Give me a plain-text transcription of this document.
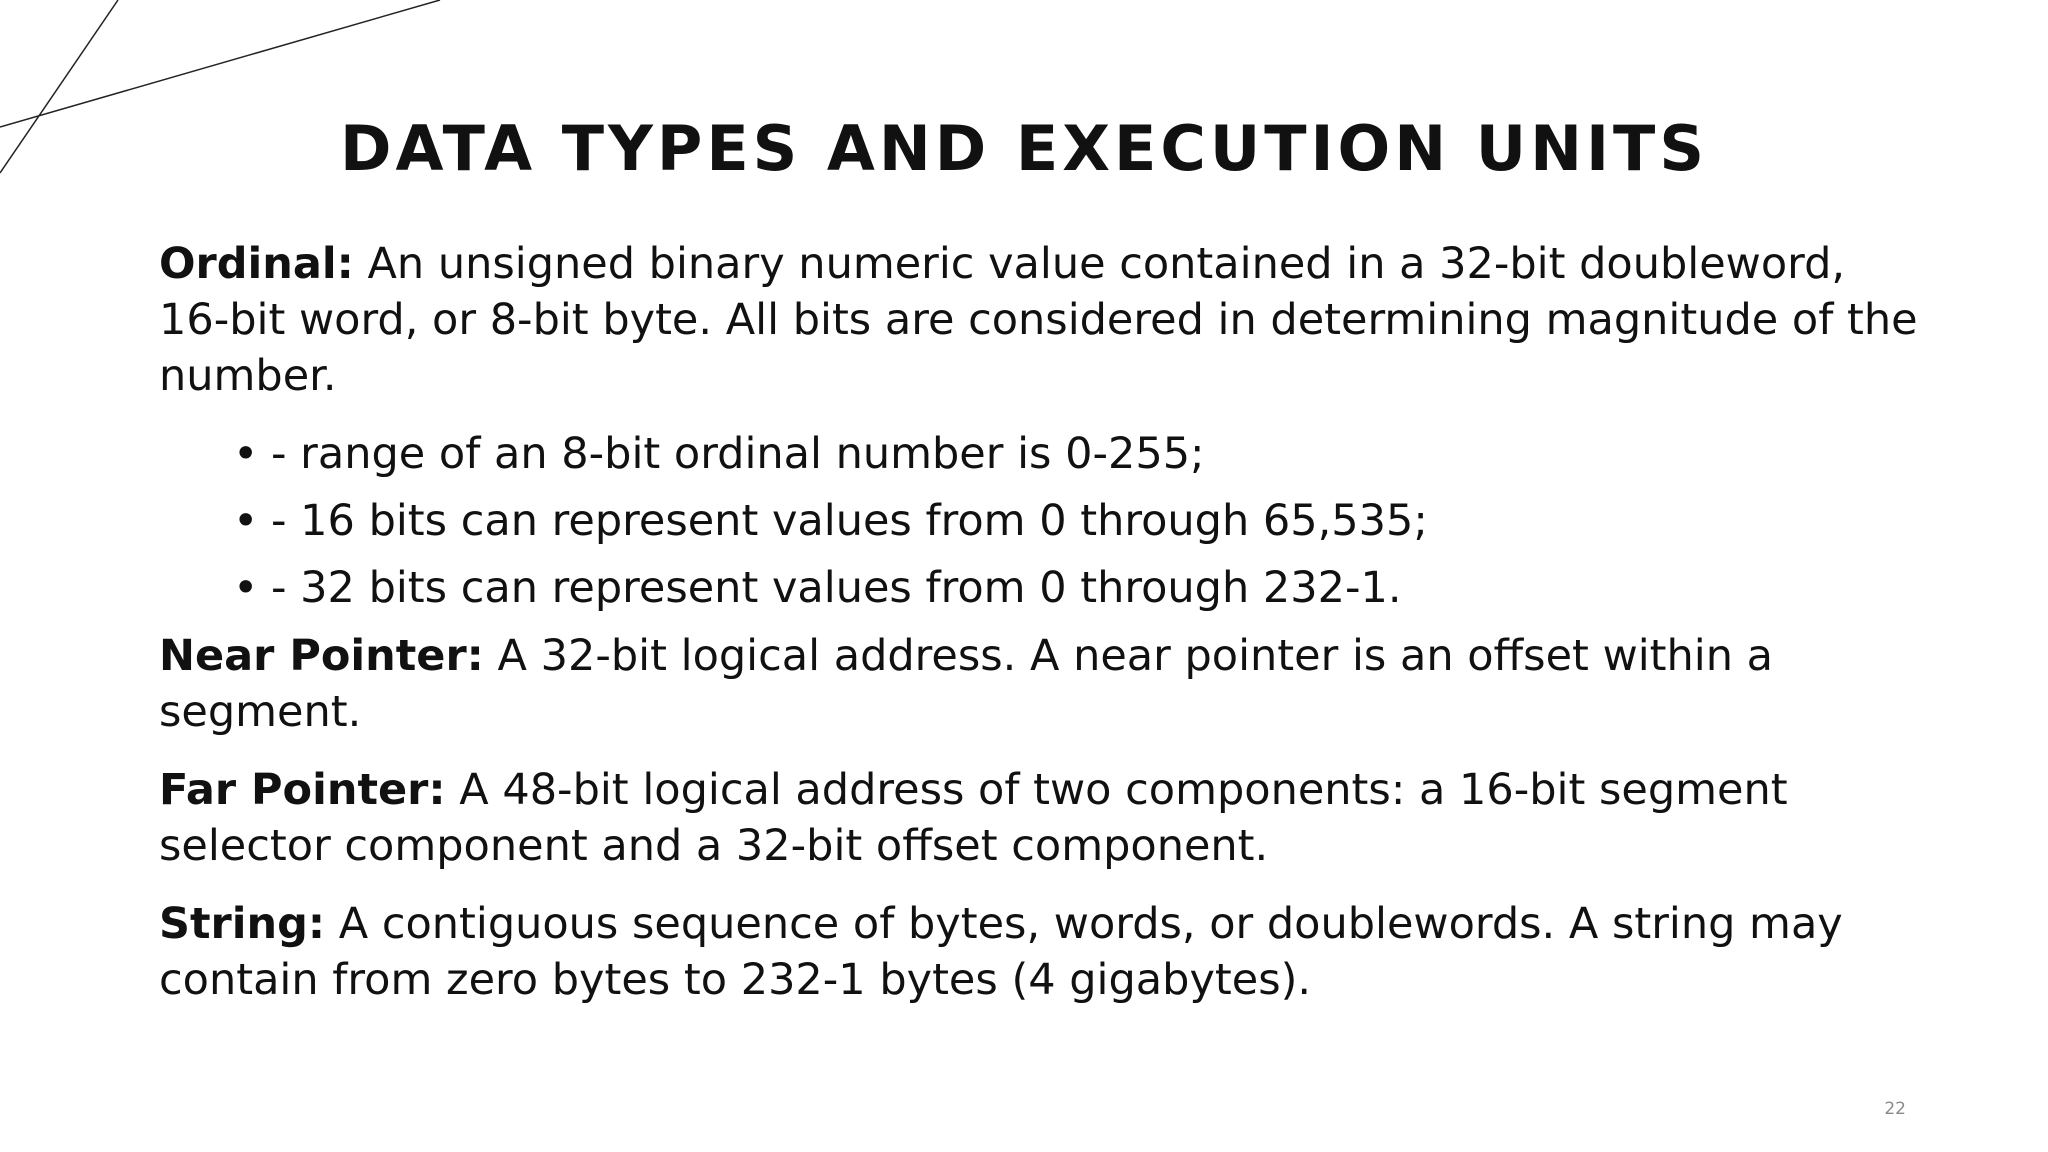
DATA TYPES AND EXECUTION UNITS

Ordinal: An unsigned binary numeric value contained in a 32-bit doubleword, 16-bit word, or 8-bit byte. All bits are considered in determining magnitude of the number.

• - range of an 8-bit ordinal number is 0-255;
• - 16 bits can represent values from 0 through 65,535;
• - 32 bits can represent values from 0 through 232-1.

Near Pointer: A 32-bit logical address. A near pointer is an offset within a segment.

Far Pointer: A 48-bit logical address of two components: a 16-bit segment selector component and a 32-bit offset component.

String: A contiguous sequence of bytes, words, or doublewords. A string may contain from zero bytes to 232-1 bytes (4 gigabytes).

22
